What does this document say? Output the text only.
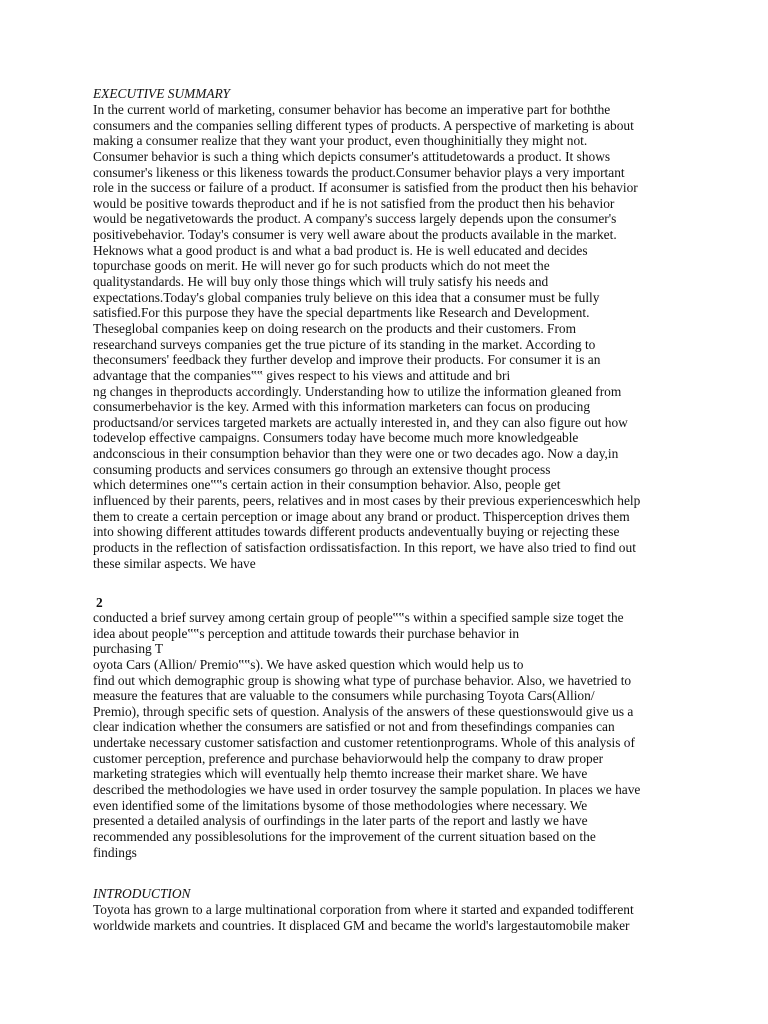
EXECUTIVE SUMMARY
In the current world of marketing, consumer behavior has become an imperative part for boththe
consumers and the companies selling different types of products. A perspective of marketing is about
making a consumer realize that they want your product, even thoughinitially they might not.
Consumer behavior is such a thing which depicts consumer's attitudetowards a product. It shows
consumer's likeness or this likeness towards the product.Consumer behavior plays a very important
role in the success or failure of a product. If aconsumer is satisfied from the product then his behavior
would be positive towards theproduct and if he is not satisfied from the product then his behavior
would be negativetowards the product. A company's success largely depends upon the consumer's
positivebehavior. Today's consumer is very well aware about the products available in the market.
Heknows what a good product is and what a bad product is. He is well educated and decides
topurchase goods on merit. He will never go for such products which do not meet the
qualitystandards. He will buy only those things which will truly satisfy his needs and
expectations.Today's global companies truly believe on this idea that a consumer must be fully
satisfied.For this purpose they have the special departments like Research and Development.
Theseglobal companies keep on doing research on the products and their customers. From
researchand surveys companies get the true picture of its standing in the market. According to
theconsumers' feedback they further develop and improve their products. For consumer it is an
advantage that the companies‟‟ gives respect to his views and attitude and bri
ng changes in theproducts accordingly. Understanding how to utilize the information gleaned from
consumerbehavior is the key. Armed with this information marketers can focus on producing
productsand/or services targeted markets are actually interested in, and they can also figure out how
todevelop effective campaigns. Consumers today have become much more knowledgeable
andconscious in their consumption behavior than they were one or two decades ago. Now a day,in
consuming products and services consumers go through an extensive thought process
which determines one‟‟s certain action in their consumption behavior. Also, people get
influenced by their parents, peers, relatives and in most cases by their previous experienceswhich help
them to create a certain perception or image about any brand or product. Thisperception drives them
into showing different attitudes towards different products andeventually buying or rejecting these
products in the reflection of satisfaction ordissatisfaction. In this report, we have also tried to find out
these similar aspects. We have
2
conducted a brief survey among certain group of people‟‟s within a specified sample size toget the
idea about people‟‟s perception and attitude towards their purchase behavior in
purchasing T
oyota Cars (Allion/ Premio‟‟s). We have asked question which would help us to
find out which demographic group is showing what type of purchase behavior. Also, we havetried to
measure the features that are valuable to the consumers while purchasing Toyota Cars(Allion/
Premio), through specific sets of question. Analysis of the answers of these questionswould give us a
clear indication whether the consumers are satisfied or not and from thesefindings companies can
undertake necessary customer satisfaction and customer retentionprograms. Whole of this analysis of
customer perception, preference and purchase behaviorwould help the company to draw proper
marketing strategies which will eventually help themto increase their market share. We have
described the methodologies we have used in order tosurvey the sample population. In places we have
even identified some of the limitations bysome of those methodologies where necessary. We
presented a detailed analysis of ourfindings in the later parts of the report and lastly we have
recommended any possiblesolutions for the improvement of the current situation based on the
findings
INTRODUCTION
Toyota has grown to a large multinational corporation from where it started and expanded todifferent
worldwide markets and countries. It displaced GM and became the world's largestautomobile maker
